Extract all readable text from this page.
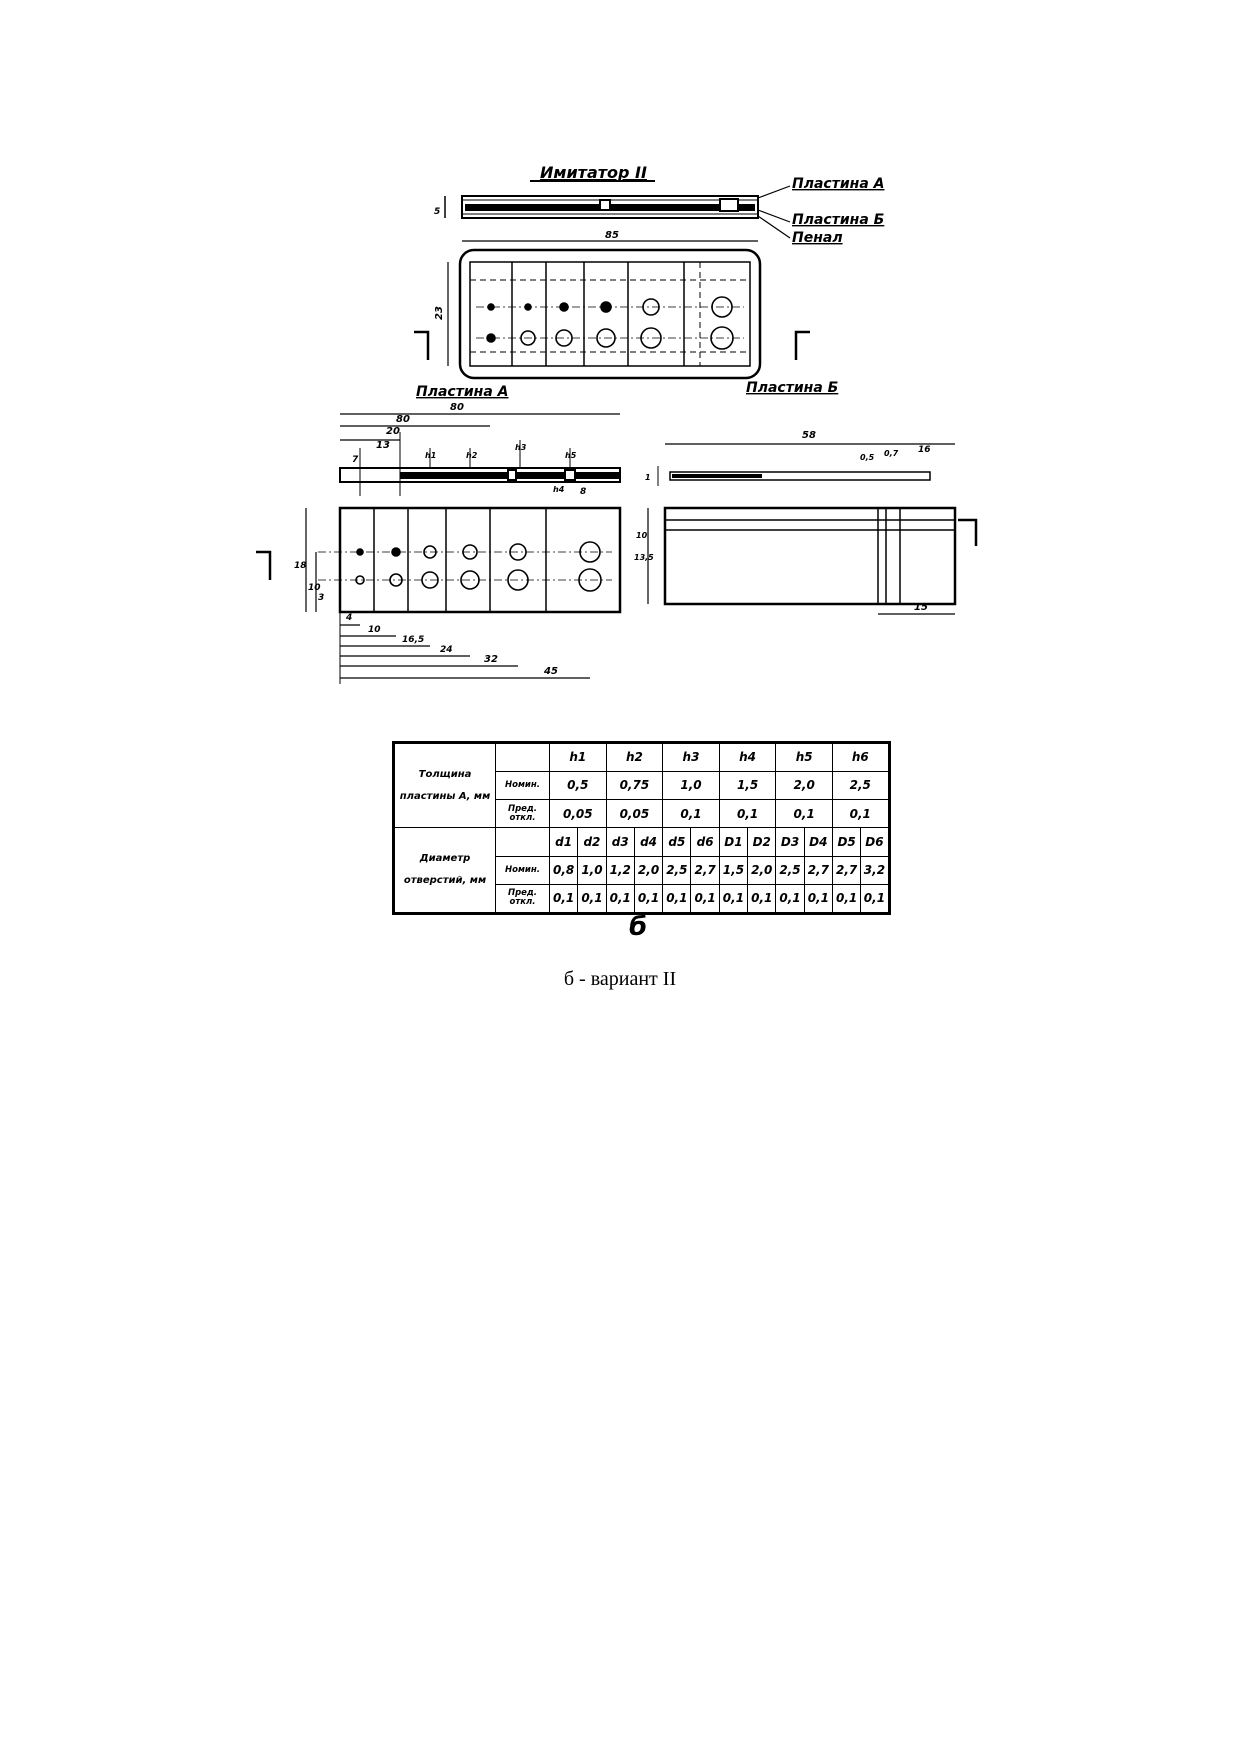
Имитатор II
5
Пластина А
Пластина Б
Пенал
85
23
Пластина А	Пластина Б
80
80
20
13
7	h1	h2
h3
h5
h4 8
18
10
3
4
10
16,5
24
32
45
58
0,5 0,7 16
1
10
13,5
15
Толщина пластины А, мм		h1		h2		h3		h4		h5		h6	
	Номин.	0,5		0,75		1,0		1,5		2,0		2,5	
	Пред. откл.	0,05		0,05		0,1		0,1		0,1		0,1	
Диаметр отверстий, мм		d1	d2	d3	d4	d5	d6	D1	D2	D3	D4	D5	D6
	Номин.	0,8	1,0	1,2	2,0	2,5	2,7	1,5	2,0	2,5	2,7	2,7	3,2
	Пред. откл.	0,1	0,1	0,1	0,1	0,1	0,1	0,1	0,1	0,1	0,1	0,1	0,1
б
б - вариант II
